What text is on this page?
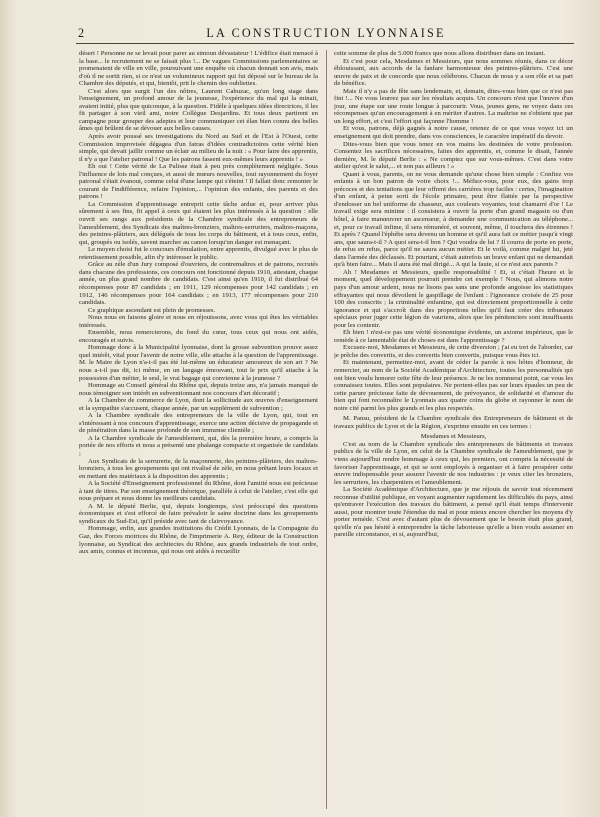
2	LA CONSTRUCTION LYONNAISE

désert ! Personne ne se levait pour parer au simoun dévastateur ! L'édifice était menacé à la base... le recrutement ne se faisait plus !... De vagues Commissions parlementaires se promenaient de ville en ville, poursuivant une enquête où chacun donnait son avis, mais d'où il ne sortit rien, si ce n'est un volumineux rapport qui fut déposé sur le bureau de la Chambre des députés, et qui, bientôt, prit le chemin des oubliettes.

C'est alors que surgit l'un des nôtres, Laurent Cahuzac, qu'un long stage dans l'enseignement, un profond amour de la jeunesse, l'expérience du mal qui la minait, avaient initié, plus que quiconque, à la question. Fidèle à quelques idées directrices, il les fit partager à son vieil ami, notre Collègue Desjardins. Et tous deux partirent en campagne pour grouper des adeptes et leur communiquer cet élan bien connu des belles âmes qui brûlent de se dévouer aux belles causes.

Après avoir poussé ses investigations du Nord au Sud et de l'Est à l'Ouest, cette Commission improvisée dégagea d'un fatras d'idées contradictoires cette vérité bien simple, qui devait jaillir comme un éclair au milieu de la nuit : « Pour faire des apprentis, il n'y a que l'atelier patronal ! Que les patrons fassent eux-mêmes leurs apprentis ! »

Eh oui ! Cette vérité de La Palisse était à peu près complètement négligée. Sous l'influence de lois mal conçues, et aussi de mœurs nouvelles, tout rayonnement du foyer patronal s'était évanoui, comme celui d'une lampe qui s'éteint ! Il fallait donc remonter le courant de l'indifférence, refaire l'opinion,... l'opinion des enfants, des parents et des patrons !

La Commission d'apprentissage entreprit cette tâche ardue et, pour arriver plus sûrement à ses fins, fit appel à ceux qui étaient les plus intéressés à la question : elle ouvrit ses rangs aux présidents de la Chambre syndicale des entrepreneurs de l'ameublement, des Syndicats des maîtres-bronziers, maîtres-serruriers, maîtres-maçons, des peintres-plâtriers, aux délégués de tous les corps du bâtiment, et à tous ceux, enfin, qui, groupés ou isolés, savent marcher au canon lorsqu'un danger est menaçant.

Le moyen choisi fut le concours d'émulation, entre apprentis, divulgué avec le plus de retentissement possible, afin d'y intéresser le public.

Grâce au zèle d'un Jury composé d'ouvriers, de contremaîtres et de patrons, recrutés dans chacune des professions, ces concours ont fonctionné depuis 1910, attestant, chaque année, un plus grand nombre de candidats. C'est ainsi qu'en 1910, il fut distribué 64 récompenses pour 87 candidats ; en 1911, 129 récompenses pour 142 candidats ; en 1912, 146 récompenses pour 164 candidats ; en 1913, 177 récompenses pour 210 candidats.

Ce graphique ascendant est plein de promesses.

Nous nous en faisons gloire et nous en réjouissons, avec vous qui êtes les véritables intéressés.

Ensemble, nous remercierons, du fond du cœur, tous ceux qui nous ont aidés, encouragés et suivis.

Hommage donc à la Municipalité lyonnaise, dont la grosse subvention prouve assez quel intérêt, vital pour l'avenir de notre ville, elle attache à la question de l'apprentissage. M. le Maire de Lyon n'a-t-il pas été lui-même un éducateur amoureux de son art ? Ne nous a-t-il pas dit, ici même, en un langage émouvant, tout le prix qu'il attache à la possession d'un métier, le seul, le vrai bagage qui convienne à la jeunesse ?

Hommage au Conseil général du Rhône qui, depuis treize ans, n'a jamais manqué de nous témoigner son intérêt en subventionnant nos concours d'art décoratif ;

A la Chambre de commerce de Lyon, dont la sollicitude aux œuvres d'enseignement et la sympathie s'accusent, chaque année, par un supplément de subvention ;

A la Chambre syndicale des entrepreneurs de la ville de Lyon, qui, tout en s'intéressant à nos concours d'apprentissage, exerce une action décisive de propagande et de pénétration dans la masse profonde de son immense clientèle ;

A la Chambre syndicale de l'ameublement, qui, dès la première heure, a compris la portée de nos efforts et nous a présenté une phalange compacte et organisée de candidats ;

Aux Syndicats de la serrurerie, de la maçonnerie, des peintres-plâtriers, des maîtres-bronziers, à tous les groupements qui ont rivalisé de zèle, en nous prêtant leurs locaux et en mettant des matériaux à la disposition des apprentis ;

A la Société d'Enseignement professionnel du Rhône, dont l'amitié nous est précieuse à tant de titres. Par son enseignement théorique, parallèle à celui de l'atelier, c'est elle qui nous prépare et nous donne les meilleurs candidats.

A M. le député Berlie, qui, depuis longtemps, s'est préoccupé des questions économiques et s'est efforcé de faire prévaloir le saine doctrine dans les groupements syndicaux du Sud-Est, qu'il préside avec tant de clairvoyance.

Hommage, enfin, aux grandes institutions du Crédit Lyonnais, de la Compagnie du Gaz, des Forces motrices du Rhône, de l'imprimerie A. Rey, éditeur de la Construction lyonnaise, au Syndicat des architectes du Rhône, aux grands industriels de tout ordre, aux amis, connus et inconnus, qui nous ont aidés à recueillir

cette somme de plus de 5.000 francs que nous allons distribuer dans un instant.

Et c'est pour cela, Mesdames et Messieurs, que nous sommes réunis, dans ce décor éblouissant, aux accords de la fanfare harmonieuse des peintres-plâtriers. C'est une œuvre de paix et de concorde que nous célébrons. Chacun de nous y a son rôle et sa part de bénéfice.

Mais il n'y a pas de fête sans lendemain, et, demain, dites-vous bien que ce n'est pas fini !... Ne vous leurrez pas sur les résultats acquis. Un concours n'est que l'œuvre d'un jour, une étape sur une route longue à parcourir. Vous, jeunes gens, ne voyez dans ces récompenses qu'un encouragement à en mériter d'autres. La maîtrise ne s'obtient que par un long effort, et c'est l'effort qui façonne l'homme !

Et vous, patrons, déjà gagnés à notre cause, retenez de ce que vous voyez ici un enseignement qui doit prendre, dans vos consciences, le caractère impératif du devoir.

Dites-vous bien que vous tenez en vos mains les destinées de votre profession. Consentez les sacrifices nécessaires, faites des apprentis, et, comme le disait, l'année dernière, M. le député Berlie : « Ne comptez que sur vous-mêmes. C'est dans votre atelier qu'est le salut,... et non pas ailleurs ! »

Quant à vous, parents, on ne vous demande qu'une chose bien simple : Confiez vos enfants à un bon patron de votre choix !... Méfiez-vous, pour eux, des gains trop précoces et des tentations que leur offrent des carrières trop faciles : certes, l'imagination d'un enfant, à peine sorti de l'école primaire, peut être flattée par la perspective d'endosser un bel uniforme de chasseur, aux couleurs voyantes, tout chamarré d'or ! Le travail exige sera minime : il consistera à ouvrir la porte d'un grand magasin ou d'un hôtel, à faire manœuvrer un ascenseur, à demander une communication au téléphone... et, pour ce travail infime, il sera rémunéré, et souvent, même, il touchera des étrennes ! Et après ? Quand l'éphèbe sera devenu un homme et qu'il aura fait ce métier jusqu'à vingt ans, que saura-t-il ? A quoi sera-t-il bon ? Qui voudra de lui ? Il courra de porte en porte, de refus en refus, parce qu'il ne saura aucun métier. Et le voilà, comme malgré lui, jeté dans l'armée des déclassés. Et pourtant, c'était autrefois un brave enfant qui ne demandait qu'à bien faire... Mais il aura été mal dirigé... A qui la faute, si ce n'est aux parents ?

Ah ! Mesdames et Messieurs, quelle responsabilité ! Et, si c'était l'heure et le moment, quel développement pourrait prendre cet exemple ! Nous, qui alimons notre pays d'un amour ardent, nous ne lisons pas sans une profonde angoisse les statistiques effrayantes qui nous dévoilent le gaspillage de l'enfant : l'ignorance croisée de 25 pour 100 des conscrits ; la criminalité enfantine, qui est directement proportionnelle à cette ignorance et qui s'accroît dans des proportions telles qu'il faut créer des tribunaux spéciaux pour juger cette légion de vauriens, alors que les pénitenciers sont insuffisants pour les contenir.

Eh bien ! n'est-ce pas une vérité économique évidente, un axiome impérieux, que le remède à ce lamentable état de choses est dans l'apprentissage ?

Excusez-moi, Mesdames et Messieurs, de cette diversion ; j'ai eu tort de l'aborder, car je prêche des convertis, et des convertis bien convertis, puisque vous êtes ici.

Et maintenant, permettez-moi, avant de céder la parole à nos hôtes d'honneur, de remercier, au nom de la Société Académique d'Architecture, toutes les personnalités qui ont bien voulu honorer cette fête de leur présence. Je ne les nommerai point, car vous les connaissez toutes. Elles sont populaires. Ne portent-elles pas sur leurs épaules un peu de cette parure précieuse faite de dévouement, de prévoyance, de solidarité et d'amour du bien qui font reconnaître le Lyonnais aux quatre coins du globe et rayonner le nom de notre cité parmi les plus grands et les plus respectés.

M. Pansu, président de la Chambre syndicale des Entrepreneurs de bâtiment et de travaux publics de Lyon et de la Région, s'exprime ensuite en ces termes :

Mesdames et Messieurs,

C'est au nom de la Chambre syndicale des entrepreneurs de bâtiments et travaux publics de la ville de Lyon, en celui de la Chambre syndicale de l'ameublement, que je viens aujourd'hui rendre hommage à ceux qui, les premiers, ont compris la nécessité de favoriser l'apprentissage, et qui se sont employés à organiser et à faire prospérer cette œuvre indispensable pour assurer l'avenir de nos industries : je veux citer les bronziers, les serruriers, les charpentiers et l'ameublement.

La Société Académique d'Architecture, que je me réjouis de savoir tout récemment reconnue d'utilité publique, en voyant augmenter rapidement les difficultés du pays, ainsi qu'entraver l'exécution des travaux du bâtiment, a pensé qu'il était temps d'intervenir aussi, pour montrer toute l'étendue du mal et pour mieux encore chercher les moyens d'y porter remède. C'est avec d'autant plus de dévouement que le besoin était plus grand, qu'elle n'a pas hésité à entreprendre la tâche laborieuse qu'elle a bien voulu assumer en pareille circonstance, et si, aujourd'hui,
